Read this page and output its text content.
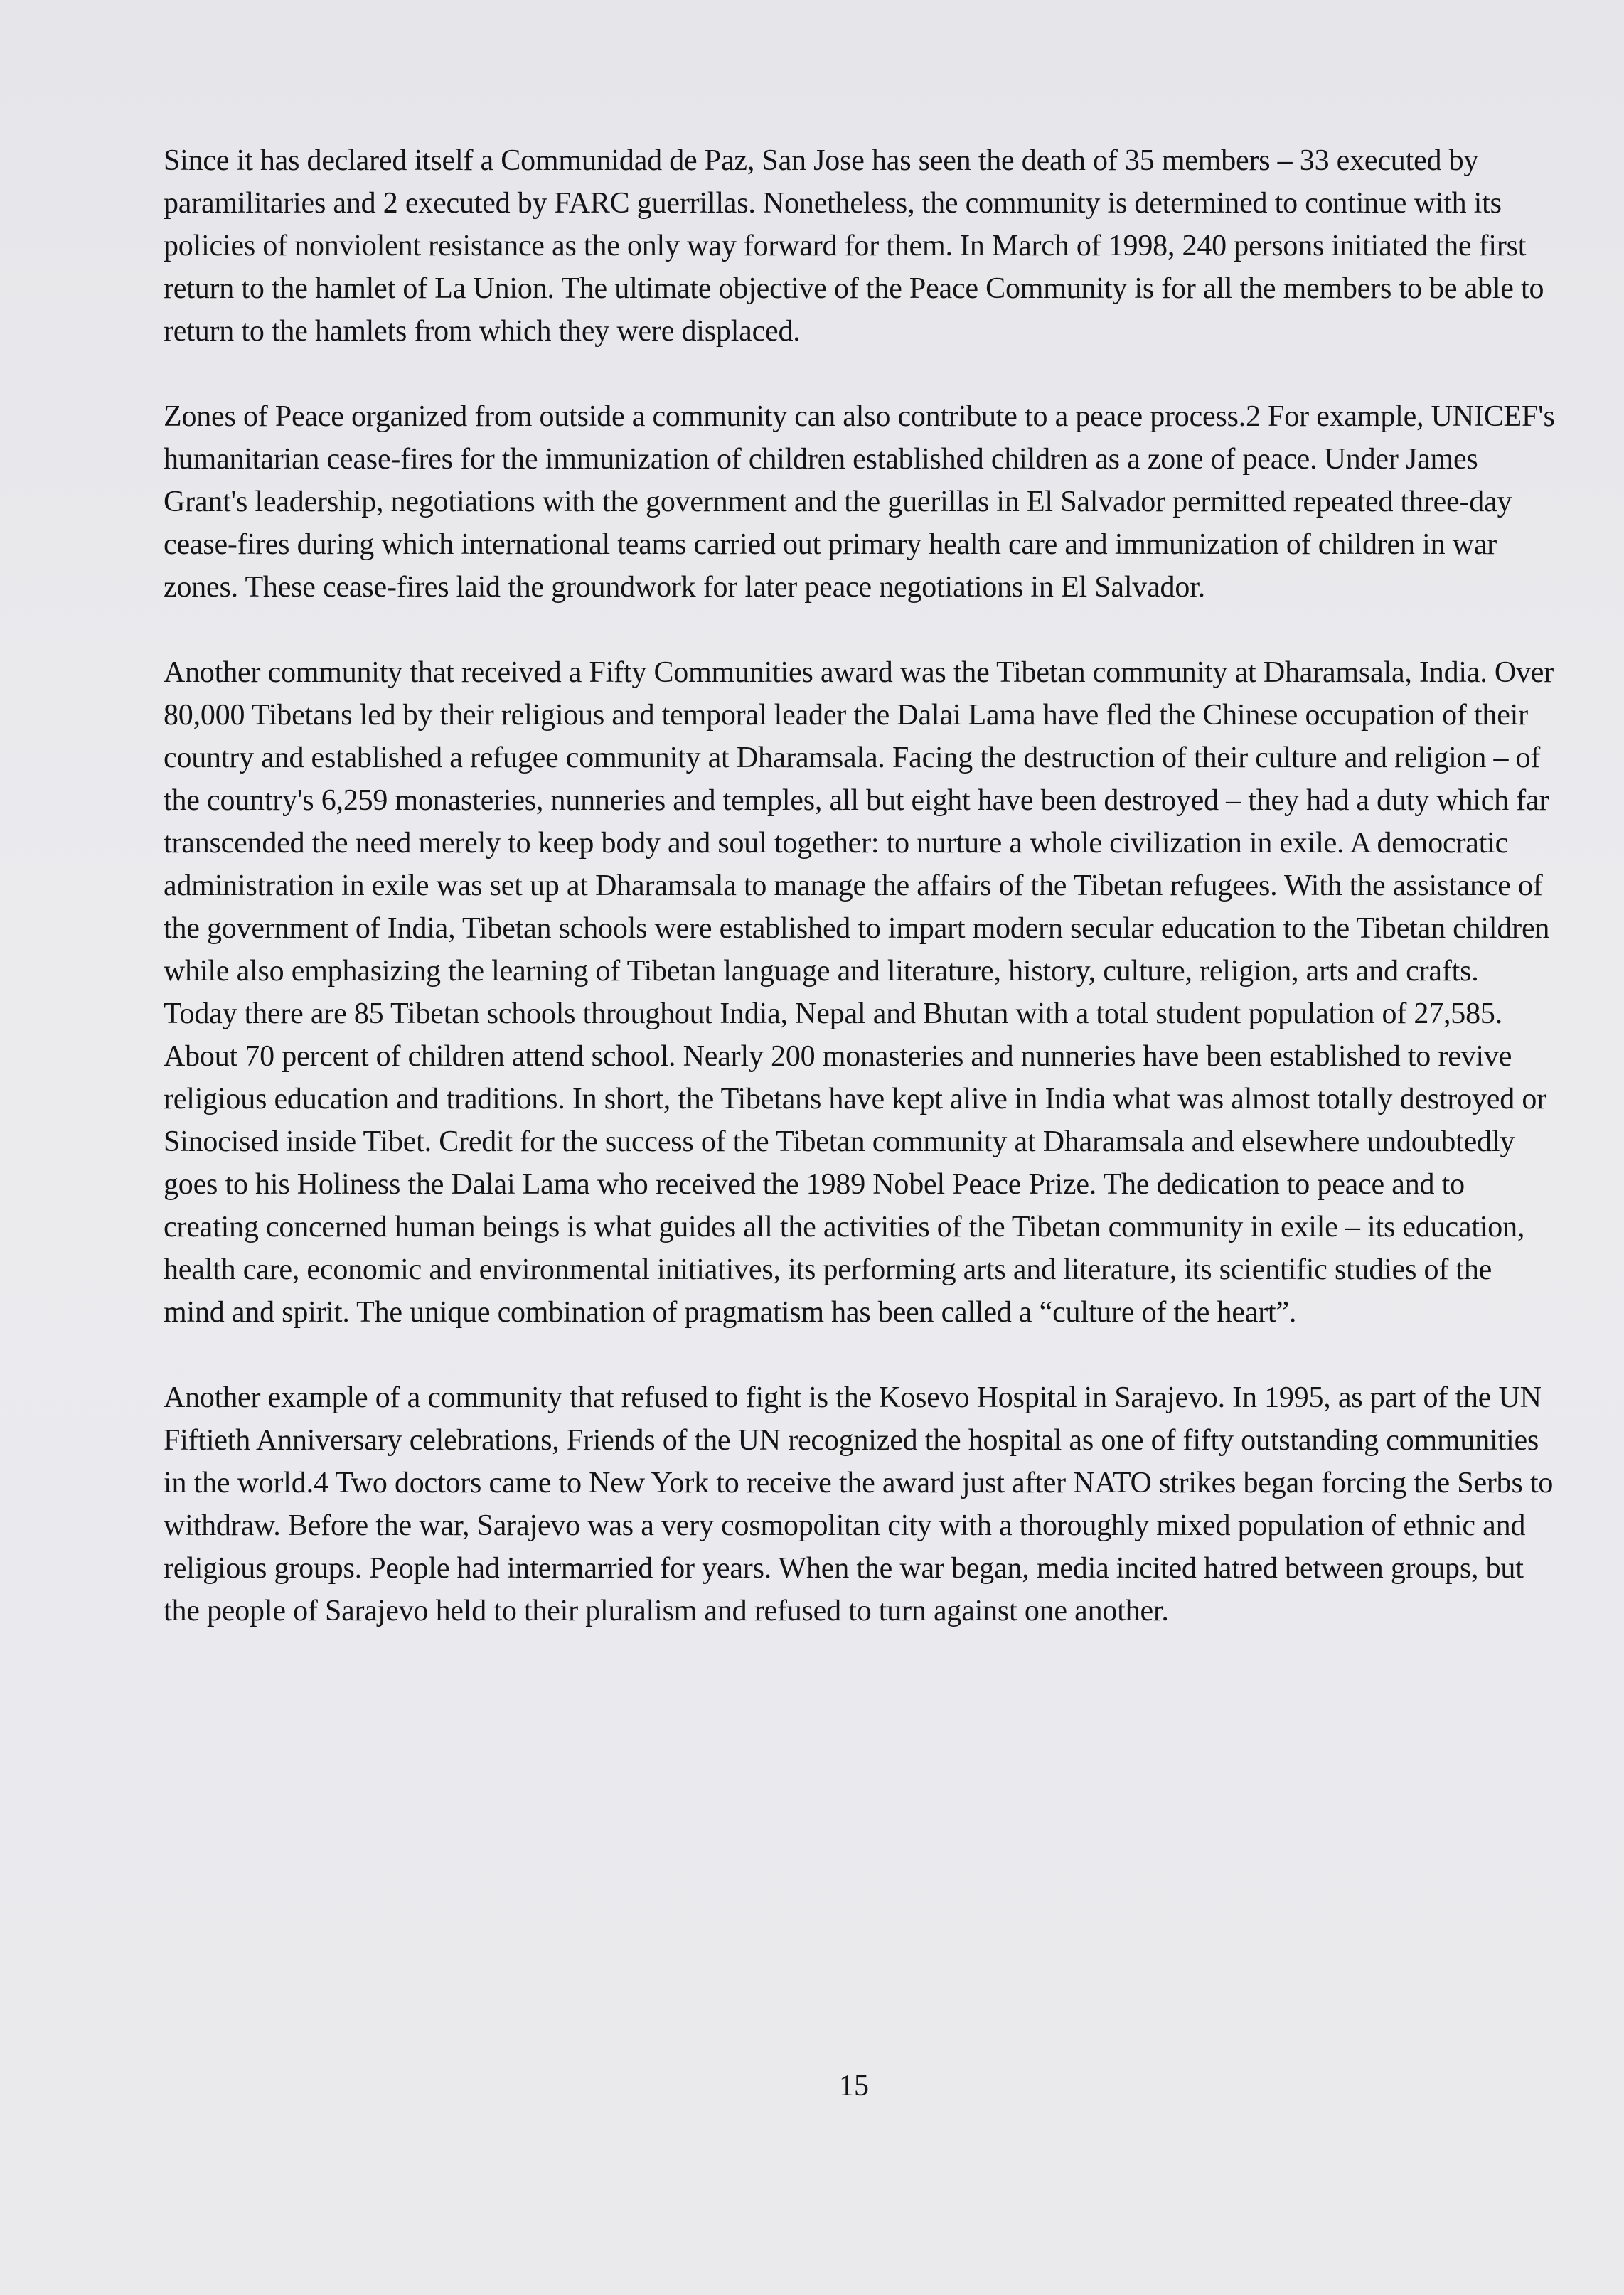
Since it has declared itself a Communidad de Paz, San Jose has seen the death of 35 members – 33 executed by paramilitaries and 2 executed by FARC guerrillas. Nonetheless, the community is determined to continue with its policies of nonviolent resistance as the only way forward for them. In March of 1998, 240 persons initiated the first return to the hamlet of La Union. The ultimate objective of the Peace Community is for all the members to be able to return to the hamlets from which they were displaced.

Zones of Peace organized from outside a community can also contribute to a peace process.2 For example, UNICEF's humanitarian cease-fires for the immunization of children established children as a zone of peace. Under James Grant's leadership, negotiations with the government and the guerillas in El Salvador permitted repeated three-day cease-fires during which international teams carried out primary health care and immunization of children in war zones. These cease-fires laid the groundwork for later peace negotiations in El Salvador.

Another community that received a Fifty Communities award was the Tibetan community at Dharamsala, India. Over 80,000 Tibetans led by their religious and temporal leader the Dalai Lama have fled the Chinese occupation of their country and established a refugee community at Dharamsala. Facing the destruction of their culture and religion – of the country's 6,259 monasteries, nunneries and temples, all but eight have been destroyed – they had a duty which far transcended the need merely to keep body and soul together: to nurture a whole civilization in exile. A democratic administration in exile was set up at Dharamsala to manage the affairs of the Tibetan refugees. With the assistance of the government of India, Tibetan schools were established to impart modern secular education to the Tibetan children while also emphasizing the learning of Tibetan language and literature, history, culture, religion, arts and crafts. Today there are 85 Tibetan schools throughout India, Nepal and Bhutan with a total student population of 27,585. About 70 percent of children attend school. Nearly 200 monasteries and nunneries have been established to revive religious education and traditions. In short, the Tibetans have kept alive in India what was almost totally destroyed or Sinocised inside Tibet. Credit for the success of the Tibetan community at Dharamsala and elsewhere undoubtedly goes to his Holiness the Dalai Lama who received the 1989 Nobel Peace Prize. The dedication to peace and to creating concerned human beings is what guides all the activities of the Tibetan community in exile – its education, health care, economic and environmental initiatives, its performing arts and literature, its scientific studies of the mind and spirit. The unique combination of pragmatism has been called a “culture of the heart”.

Another example of a community that refused to fight is the Kosevo Hospital in Sarajevo. In 1995, as part of the UN Fiftieth Anniversary celebrations, Friends of the UN recognized the hospital as one of fifty outstanding communities in the world.4 Two doctors came to New York to receive the award just after NATO strikes began forcing the Serbs to withdraw. Before the war, Sarajevo was a very cosmopolitan city with a thoroughly mixed population of ethnic and religious groups. People had intermarried for years. When the war began, media incited hatred between groups, but the people of Sarajevo held to their pluralism and refused to turn against one another.

15
